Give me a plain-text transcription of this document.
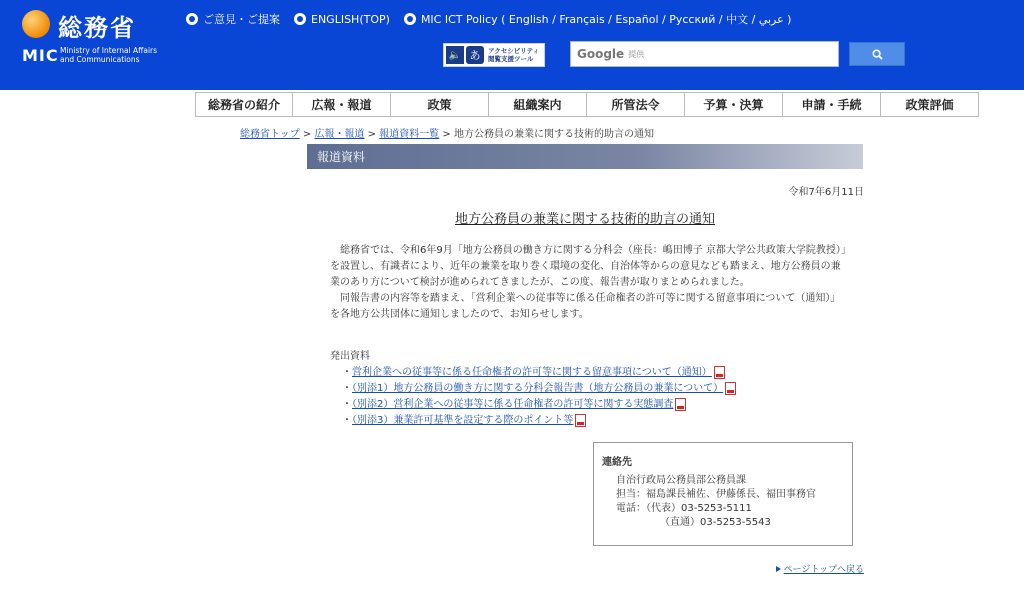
総務省
MIC Ministry of Internal Affairs
and Communications
ご意見・ご提案	ENGLISH(TOP)	MIC ICT Policy ( English / Français / Español / Русский / 中文 / عربي )
🔈 あ	アクセシビリティ
閲覧支援ツール	Google 提供
総務省の紹介	広報・報道	政策	組織案内	所管法令	予算・決算	申請・手続	政策評価
総務省トップ > 広報・報道 > 報道資料一覧 > 地方公務員の兼業に関する技術的助言の通知
報道資料
令和7年6月11日
地方公務員の兼業に関する技術的助言の通知

総務省では、令和6年9月「地方公務員の働き方に関する分科会（座長：嶋田博子 京都大学公共政策大学院教授）」を設置し、有識者により、近年の兼業を取り巻く環境の変化、自治体等からの意見なども踏まえ、地方公務員の兼業のあり方について検討が進められてきましたが、この度、報告書が取りまとめられました。

同報告書の内容等を踏まえ、「営利企業への従事等に係る任命権者の許可等に関する留意事項について（通知）」を各地方公共団体に通知しましたので、お知らせします。

発出資料
・営利企業への従事等に係る任命権者の許可等に関する留意事項について（通知）
・（別添1）地方公務員の働き方に関する分科会報告書（地方公務員の兼業について）
・（別添2）営利企業への従事等に係る任命権者の許可等に関する実態調査
・（別添3）兼業許可基準を設定する際のポイント等
連絡先
自治行政局公務員部公務員課
担当：福島課長補佐、伊藤係長、福田事務官
電話：（代表）03-5253-5111
（直通）03-5253-5543
ページトップへ戻る
